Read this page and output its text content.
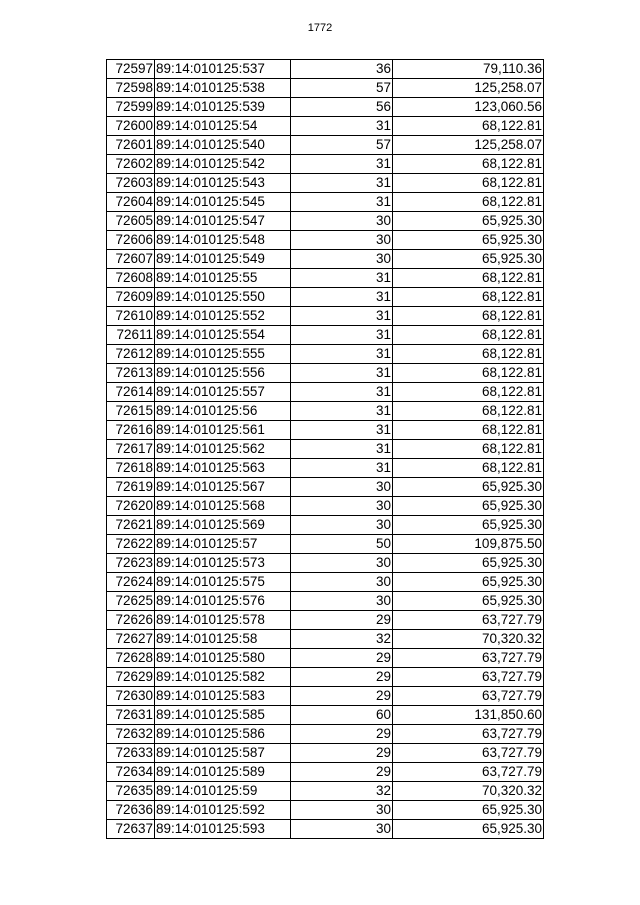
1772
72597	89:14:010125:537	36	79,110.36
72598	89:14:010125:538	57	125,258.07
72599	89:14:010125:539	56	123,060.56
72600	89:14:010125:54	31	68,122.81
72601	89:14:010125:540	57	125,258.07
72602	89:14:010125:542	31	68,122.81
72603	89:14:010125:543	31	68,122.81
72604	89:14:010125:545	31	68,122.81
72605	89:14:010125:547	30	65,925.30
72606	89:14:010125:548	30	65,925.30
72607	89:14:010125:549	30	65,925.30
72608	89:14:010125:55	31	68,122.81
72609	89:14:010125:550	31	68,122.81
72610	89:14:010125:552	31	68,122.81
72611	89:14:010125:554	31	68,122.81
72612	89:14:010125:555	31	68,122.81
72613	89:14:010125:556	31	68,122.81
72614	89:14:010125:557	31	68,122.81
72615	89:14:010125:56	31	68,122.81
72616	89:14:010125:561	31	68,122.81
72617	89:14:010125:562	31	68,122.81
72618	89:14:010125:563	31	68,122.81
72619	89:14:010125:567	30	65,925.30
72620	89:14:010125:568	30	65,925.30
72621	89:14:010125:569	30	65,925.30
72622	89:14:010125:57	50	109,875.50
72623	89:14:010125:573	30	65,925.30
72624	89:14:010125:575	30	65,925.30
72625	89:14:010125:576	30	65,925.30
72626	89:14:010125:578	29	63,727.79
72627	89:14:010125:58	32	70,320.32
72628	89:14:010125:580	29	63,727.79
72629	89:14:010125:582	29	63,727.79
72630	89:14:010125:583	29	63,727.79
72631	89:14:010125:585	60	131,850.60
72632	89:14:010125:586	29	63,727.79
72633	89:14:010125:587	29	63,727.79
72634	89:14:010125:589	29	63,727.79
72635	89:14:010125:59	32	70,320.32
72636	89:14:010125:592	30	65,925.30
72637	89:14:010125:593	30	65,925.30
